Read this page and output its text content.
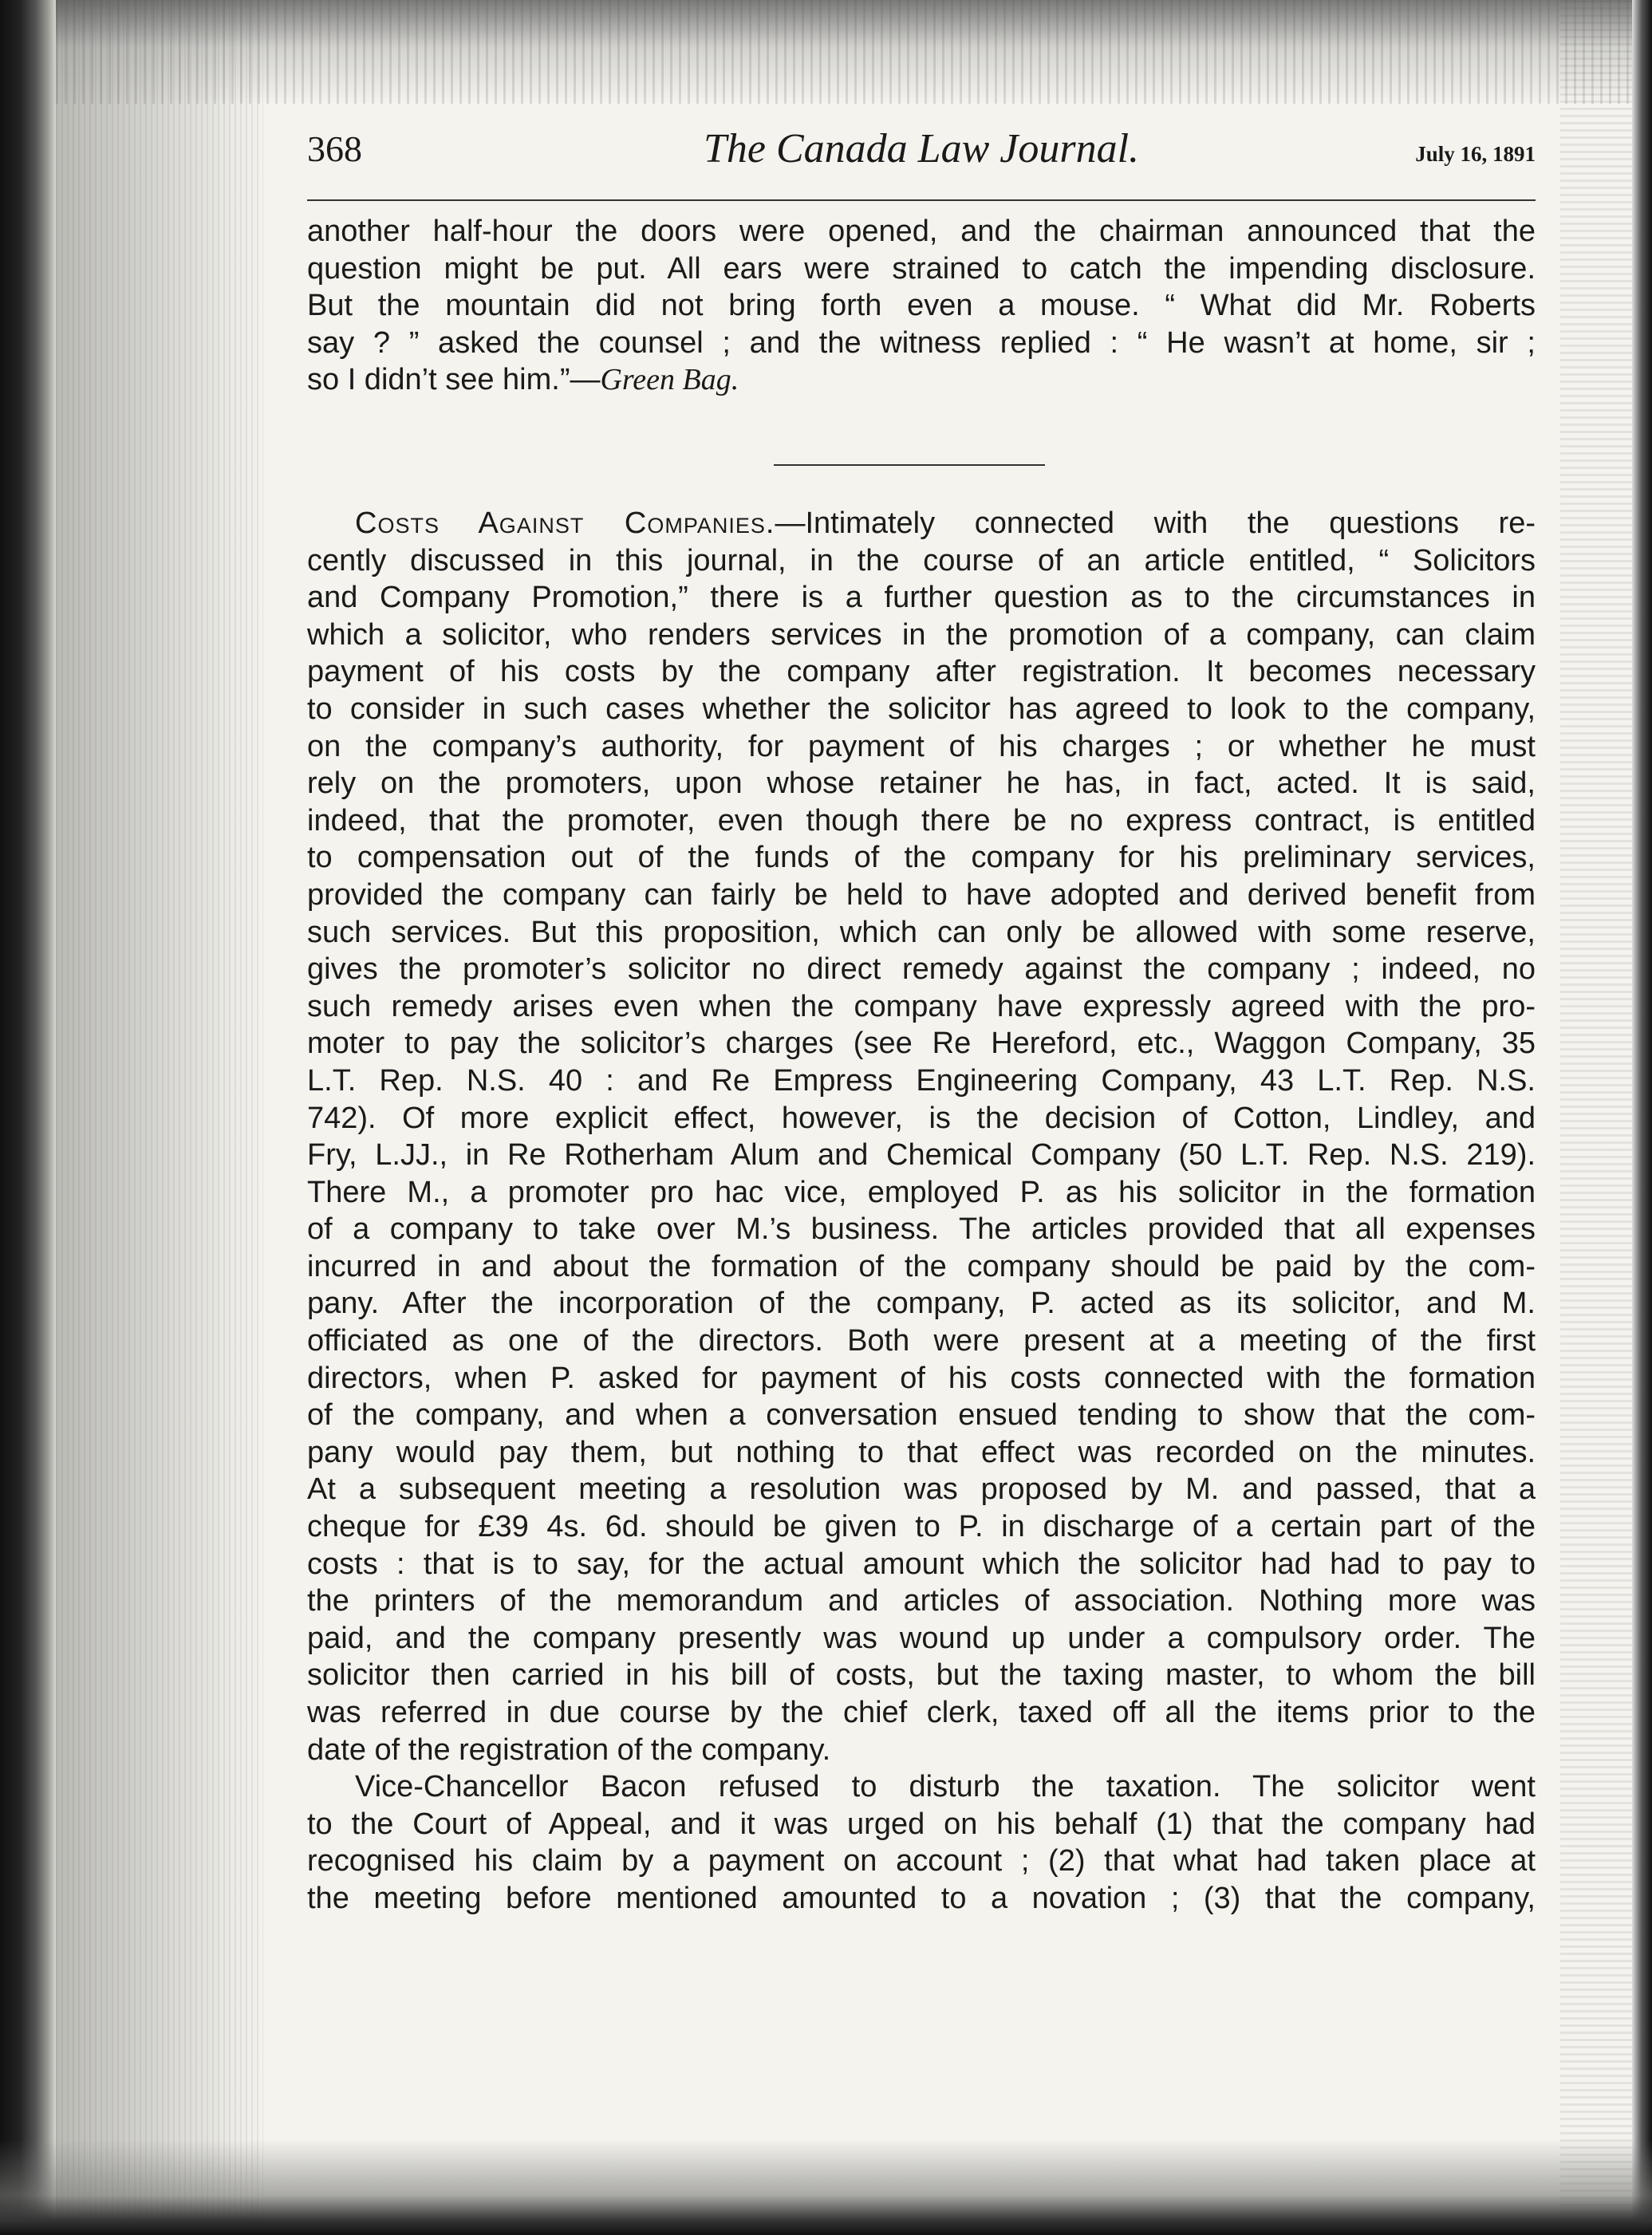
368	The Canada Law Journal.	July 16, 1891
another half-hour the doors were opened, and the chairman announced that the
question might be put. All ears were strained to catch the impending disclosure.
But the mountain did not bring forth even a mouse. “ What did Mr. Roberts
say ? ” asked the counsel ; and the witness replied : “ He wasn’t at home, sir ;
so I didn’t see him.”—Green Bag.
Costs Against Companies.—Intimately connected with the questions re-
cently discussed in this journal, in the course of an article entitled, “ Solicitors
and Company Promotion,” there is a further question as to the circumstances in
which a solicitor, who renders services in the promotion of a company, can claim
payment of his costs by the company after registration. It becomes necessary
to consider in such cases whether the solicitor has agreed to look to the company,
on the company’s authority, for payment of his charges ; or whether he must
rely on the promoters, upon whose retainer he has, in fact, acted. It is said,
indeed, that the promoter, even though there be no express contract, is entitled
to compensation out of the funds of the company for his preliminary services,
provided the company can fairly be held to have adopted and derived benefit from
such services. But this proposition, which can only be allowed with some reserve,
gives the promoter’s solicitor no direct remedy against the company ; indeed, no
such remedy arises even when the company have expressly agreed with the pro-
moter to pay the solicitor’s charges (see Re Hereford, etc., Waggon Company, 35
L.T. Rep. N.S. 40 : and Re Empress Engineering Company, 43 L.T. Rep. N.S.
742). Of more explicit effect, however, is the decision of Cotton, Lindley, and
Fry, L.JJ., in Re Rotherham Alum and Chemical Company (50 L.T. Rep. N.S. 219).
There M., a promoter pro hac vice, employed P. as his solicitor in the formation
of a company to take over M.’s business. The articles provided that all expenses
incurred in and about the formation of the company should be paid by the com-
pany. After the incorporation of the company, P. acted as its solicitor, and M.
officiated as one of the directors. Both were present at a meeting of the first
directors, when P. asked for payment of his costs connected with the formation
of the company, and when a conversation ensued tending to show that the com-
pany would pay them, but nothing to that effect was recorded on the minutes.
At a subsequent meeting a resolution was proposed by M. and passed, that a
cheque for £39 4s. 6d. should be given to P. in discharge of a certain part of the
costs : that is to say, for the actual amount which the solicitor had had to pay to
the printers of the memorandum and articles of association. Nothing more was
paid, and the company presently was wound up under a compulsory order. The
solicitor then carried in his bill of costs, but the taxing master, to whom the bill
was referred in due course by the chief clerk, taxed off all the items prior to the
date of the registration of the company.
Vice-Chancellor Bacon refused to disturb the taxation. The solicitor went
to the Court of Appeal, and it was urged on his behalf (1) that the company had
recognised his claim by a payment on account ; (2) that what had taken place at
the meeting before mentioned amounted to a novation ; (3) that the company,
